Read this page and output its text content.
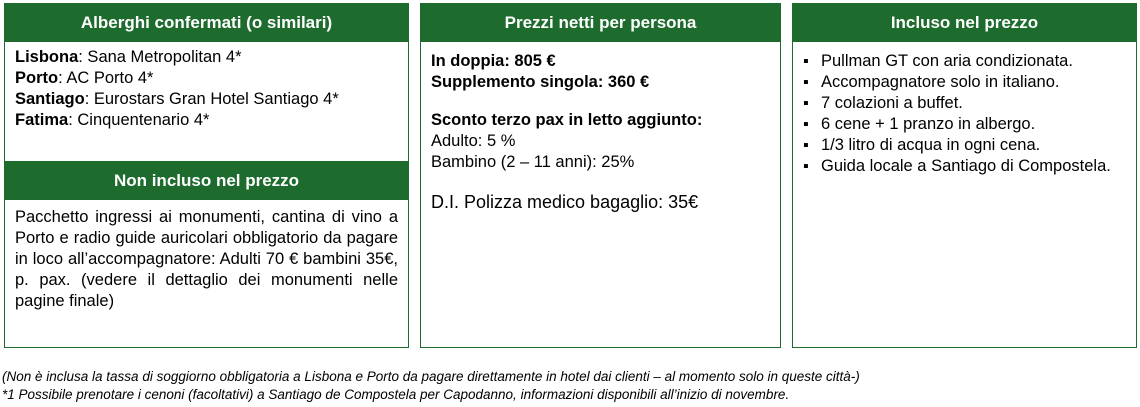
Alberghi confermati (o similari)
Lisbona: Sana Metropolitan 4*
Porto: AC Porto 4*
Santiago: Eurostars Gran Hotel Santiago 4*
Fatima: Cinquentenario 4*
Non incluso nel prezzo
Pacchetto ingressi ai monumenti, cantina di vino a Porto e radio guide auricolari obbligatorio da pagare in loco all’accompagnatore: Adulti 70 € bambini 35€, p. pax. (vedere il dettaglio dei monumenti nelle pagine finale)
Prezzi netti per persona
In doppia: 805 €
Supplemento singola: 360 €
Sconto terzo pax in letto aggiunto:
Adulto: 5 %
Bambino (2 – 11 anni): 25%
D.I. Polizza medico bagaglio: 35€
Incluso nel prezzo
▪ Pullman GT con aria condizionata.
▪ Accompagnatore solo in italiano.
▪ 7 colazioni a buffet.
▪ 6 cene + 1 pranzo in albergo.
▪ 1/3 litro di acqua in ogni cena.
▪ Guida locale a Santiago di Compostela.
(Non è inclusa la tassa di soggiorno obbligatoria a Lisbona e Porto da pagare direttamente in hotel dai clienti – al momento solo in queste città-)
*1 Possibile prenotare i cenoni (facoltativi) a Santiago de Compostela per Capodanno, informazioni disponibili all’inizio di novembre.
